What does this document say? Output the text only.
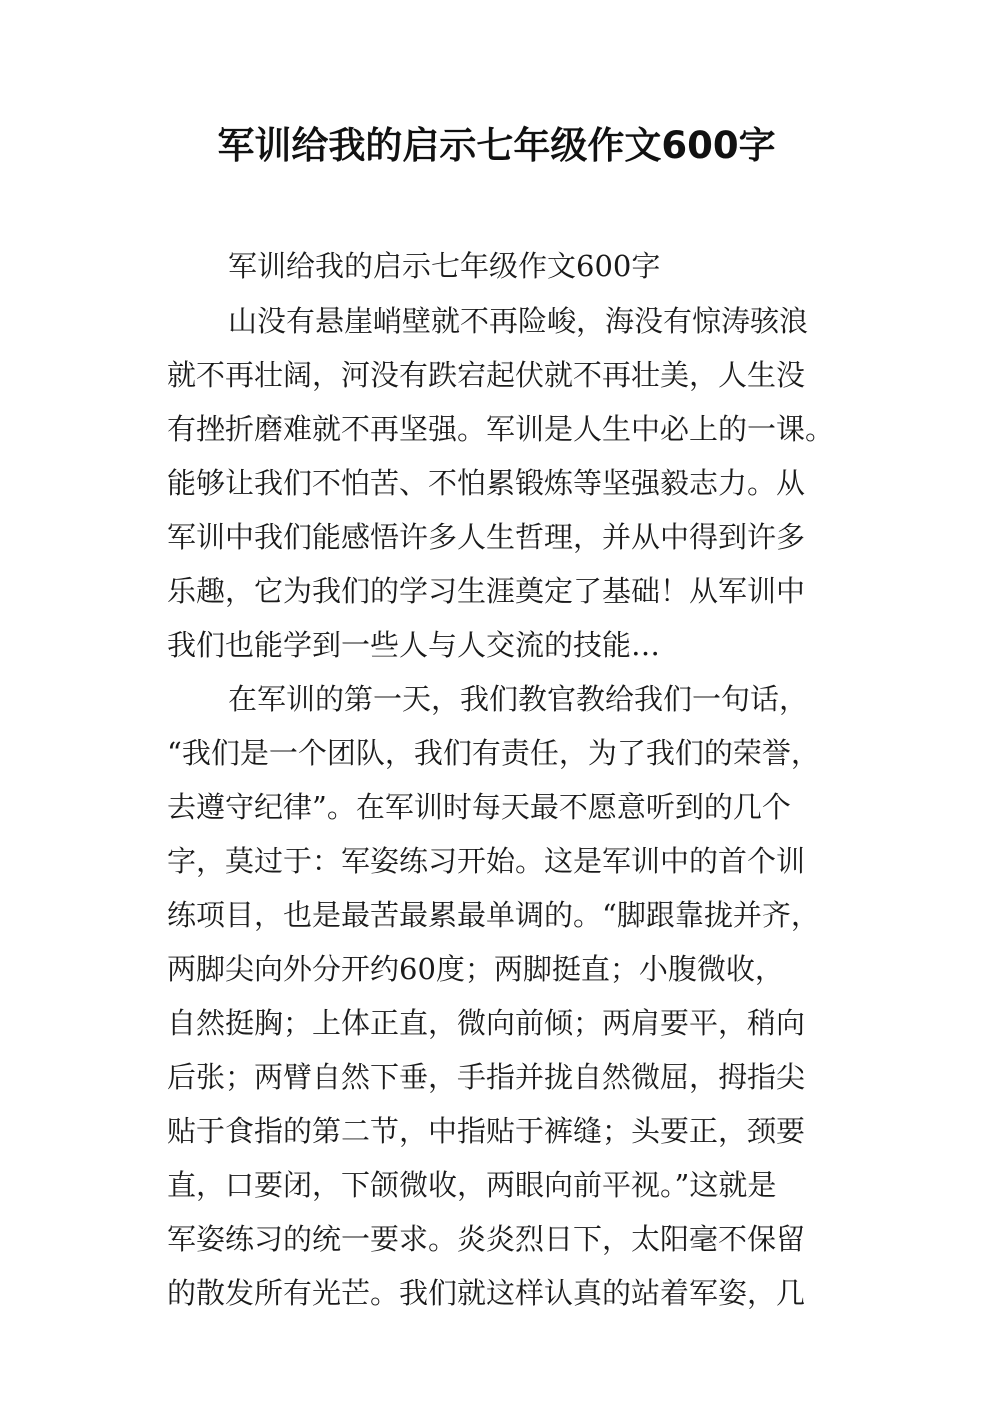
军训给我的启示七年级作文600字
军训给我的启示七年级作文600字
山没有悬崖峭壁就不再险峻，海没有惊涛骇浪
就不再壮阔，河没有跌宕起伏就不再壮美，人生没
有挫折磨难就不再坚强。军训是人生中必上的一课。
能够让我们不怕苦、不怕累锻炼等坚强毅志力。从
军训中我们能感悟许多人生哲理，并从中得到许多
乐趣，它为我们的学习生涯奠定了基础！从军训中
我们也能学到一些人与人交流的技能…
在军训的第一天，我们教官教给我们一句话，
“我们是一个团队，我们有责任，为了我们的荣誉，
去遵守纪律”。在军训时每天最不愿意听到的几个
字，莫过于：军姿练习开始。这是军训中的首个训
练项目，也是最苦最累最单调的。“脚跟靠拢并齐，
两脚尖向外分开约60度；两脚挺直；小腹微收，
自然挺胸；上体正直，微向前倾；两肩要平，稍向
后张；两臂自然下垂，手指并拢自然微屈，拇指尖
贴于食指的第二节，中指贴于裤缝；头要正，颈要
直，口要闭，下颌微收，两眼向前平视。”这就是
军姿练习的统一要求。炎炎烈日下，太阳毫不保留
的散发所有光芒。我们就这样认真的站着军姿，几
